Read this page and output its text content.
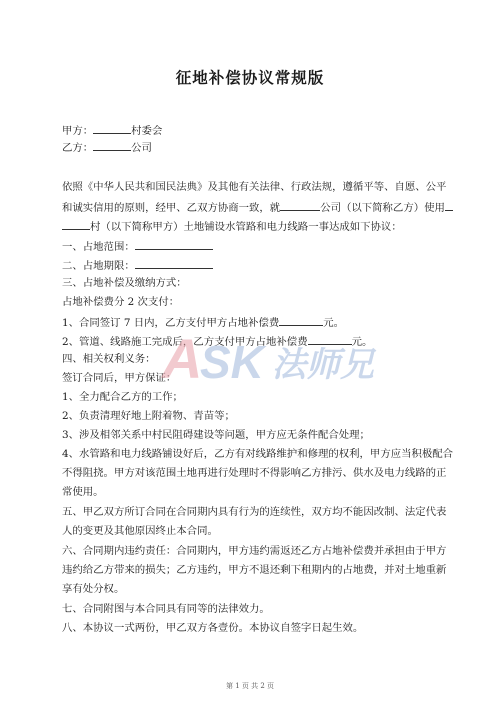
征地补偿协议常规版
甲方：	村委会
乙方：	公司
依照《中华人民共和国民法典》及其他有关法律、行政法规，遵循平等、自愿、公平
和诚实信用的原则，经甲、乙双方协商一致，就	公司（以下简称乙方）使用
村（以下简称甲方）土地铺设水管路和电力线路一事达成如下协议：
一、占地范围：
二、占地期限：
三、占地补偿及缴纳方式：
占地补偿费分 2 次支付：
1、合同签订 7 日内，乙方支付甲方占地补偿费	元。
2、管道、线路施工完成后，乙方支付甲方占地补偿费	元。
四、相关权利义务：
签订合同后，甲方保证：
1、全力配合乙方的工作；
2、负责清理好地上附着物、青苗等；
3、涉及相邻关系中村民阻碍建设等问题，甲方应无条件配合处理；
4、水管路和电力线路铺设好后，乙方有对线路维护和修理的权利，甲方应当积极配合
不得阻挠。甲方对该范围土地再进行处理时不得影响乙方排污、供水及电力线路的正
常使用。
五、甲乙双方所订合同在合同期内具有行为的连续性，双方均不能因改制、法定代表
人的变更及其他原因终止本合同。
六、合同期内违约责任：合同期内，甲方违约需返还乙方占地补偿费并承担由于甲方
违约给乙方带来的损失；乙方违约，甲方不退还剩下租期内的占地费，并对土地重新
享有处分权。
七、合同附图与本合同具有同等的法律效力。
八、本协议一式两份，甲乙双方各壹份。本协议自签字日起生效。
第 1 页 共 2 页
A
SK 法师兄
